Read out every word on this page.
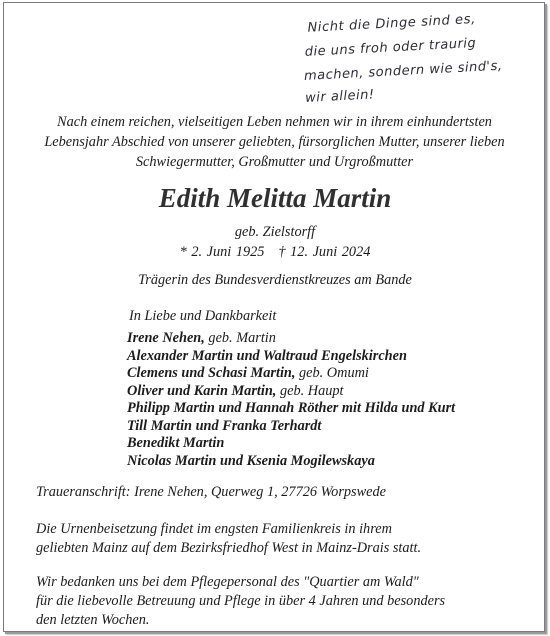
Nicht die Dinge sind es,
die uns froh oder traurig
machen, sondern wie sind's,
wir allein!
Nach einem reichen, vielseitigen Leben nehmen wir in ihrem einhundertsten
Lebensjahr Abschied von unserer geliebten, fürsorglichen Mutter, unserer lieben
Schwiegermutter, Großmutter und Urgroßmutter
Edith Melitta Martin
geb. Zielstorff
* 2. Juni 1925 † 12. Juni 2024
Trägerin des Bundesverdienstkreuzes am Bande
In Liebe und Dankbarkeit
Irene Nehen, geb. Martin
Alexander Martin und Waltraud Engelskirchen
Clemens und Schasi Martin, geb. Omumi
Oliver und Karin Martin, geb. Haupt
Philipp Martin und Hannah Röther mit Hilda und Kurt
Till Martin und Franka Terhardt
Benedikt Martin
Nicolas Martin und Ksenia Mogilewskaya
Traueranschrift: Irene Nehen, Querweg 1, 27726 Worpswede
Die Urnenbeisetzung findet im engsten Familienkreis in ihrem
geliebten Mainz auf dem Bezirksfriedhof West in Mainz-Drais statt.
Wir bedanken uns bei dem Pflegepersonal des "Quartier am Wald"
für die liebevolle Betreuung und Pflege in über 4 Jahren und besonders
den letzten Wochen.
